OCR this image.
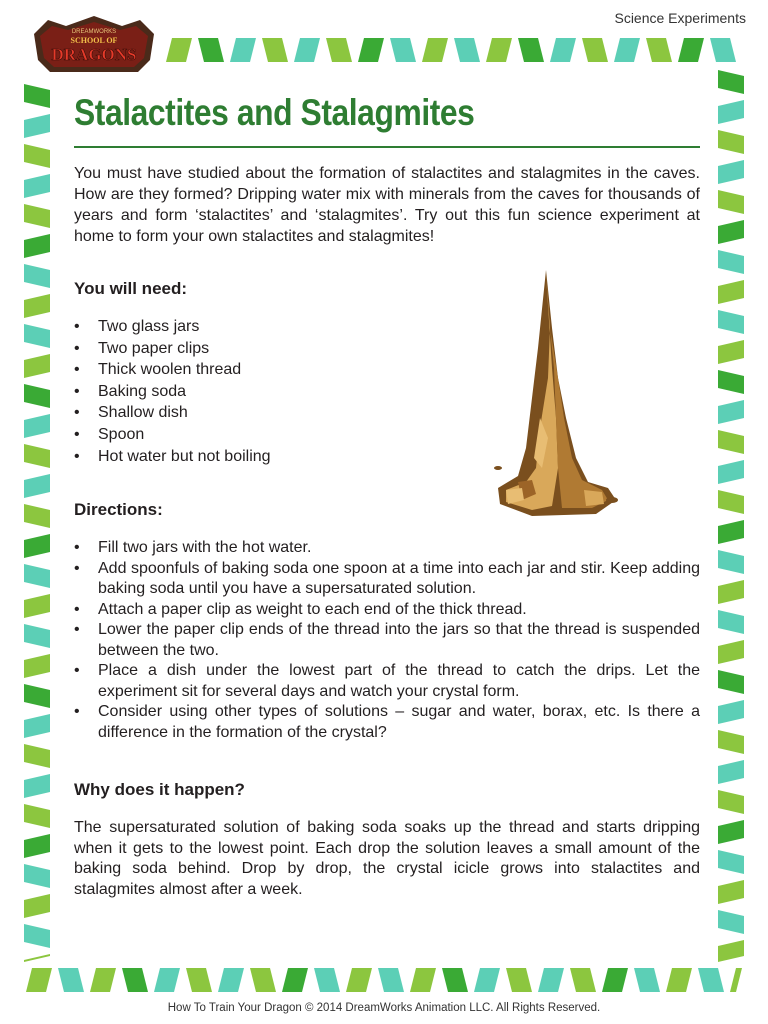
Science Experiments
DREAMWORKS
SCHOOL OF
DRAGONS
Stalactites and Stalagmites

You must have studied about the formation of stalactites and stalagmites in the caves. How are they formed? Dripping water mix with minerals from the caves for thousands of years and form ‘stalactites’ and ‘stalagmites’. Try out this fun science experiment at home to form your own stalactites and stalagmites!

You will need:
• Two glass jars
• Two paper clips
• Thick woolen thread
• Baking soda
• Shallow dish
• Spoon
• Hot water but not boiling
Directions:
• Fill two jars with the hot water.
• Add spoonfuls of baking soda one spoon at a time into each jar and stir. Keep adding baking soda until you have a supersaturated solution.
• Attach a paper clip as weight to each end of the thick thread.
• Lower the paper clip ends of the thread into the jars so that the thread is suspended between the two.
• Place a dish under the lowest part of the thread to catch the drips. Let the experiment sit for several days and watch your crystal form.
• Consider using other types of solutions – sugar and water, borax, etc. Is there a difference in the formation of the crystal?
Why does it happen?

The supersaturated solution of baking soda soaks up the thread and starts dripping when it gets to the lowest point. Each drop the solution leaves a small amount of the baking soda behind. Drop by drop, the crystal icicle grows into stalactites and stalagmites almost after a week.

How To Train Your Dragon © 2014 DreamWorks Animation LLC. All Rights Reserved.
